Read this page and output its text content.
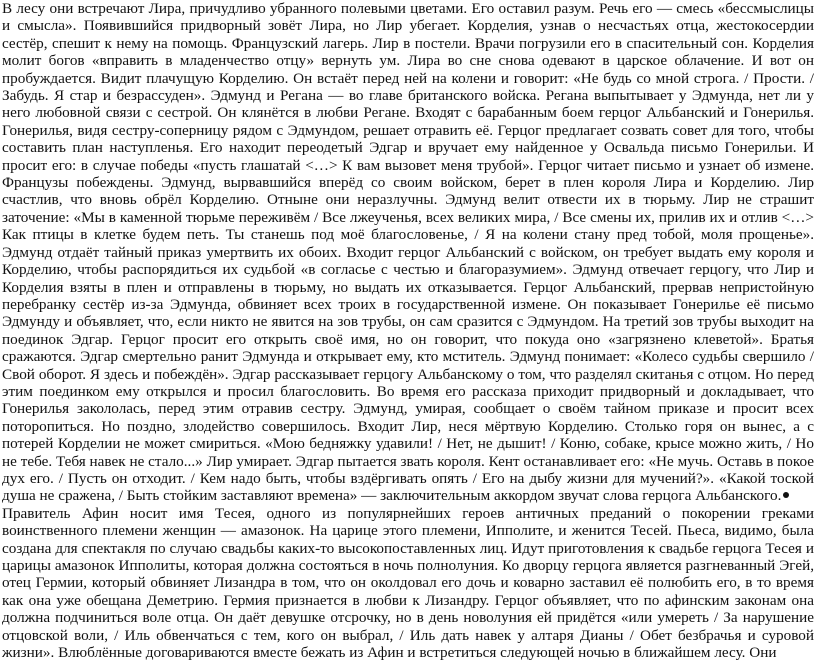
В лесу они встречают Лира, причудливо убранного полевыми цветами. Его оставил разум. Речь его — смесь «бессмыслицы и смысла». Появившийся придворный зовёт Лира, но Лир убегает. Корделия, узнав о несчастьях отца, жестокосердии сестёр, спешит к нему на помощь. Французский лагерь. Лир в постели. Врачи погрузили его в спасительный сон. Корделия молит богов «вправить в младенчество отцу» вернуть ум. Лира во сне снова одевают в царское облачение. И вот он пробуждается. Видит плачущую Корделию. Он встаёт перед ней на колени и говорит: «Не будь со мной строга. / Прости. / Забудь. Я стар и безрассуден». Эдмунд и Регана — во главе британского войска. Регана выпытывает у Эдмунда, нет ли у него любовной связи с сестрой. Он клянётся в любви Регане. Входят с барабанным боем герцог Альбанский и Гонерилья. Гонерилья, видя сестру-соперницу рядом с Эдмундом, решает отравить её. Герцог предлагает созвать совет для того, чтобы составить план наступленья. Его находит переодетый Эдгар и вручает ему найденное у Освальда письмо Гонерильи. И просит его: в случае победы «пусть глашатай <…> К вам вызовет меня трубой». Герцог читает письмо и узнает об измене. Французы побеждены. Эдмунд, вырвавшийся вперёд со своим войском, берет в плен короля Лира и Корделию. Лир счастлив, что вновь обрёл Корделию. Отныне они неразлучны. Эдмунд велит отвести их в тюрьму. Лир не страшит заточение: «Мы в каменной тюрьме переживём / Все лжеученья, всех великих мира, / Все смены их, прилив их и отлив <…> Как птицы в клетке будем петь. Ты станешь под моё благословенье, / Я на колени стану пред тобой, моля прощенье». Эдмунд отдаёт тайный приказ умертвить их обоих. Входит герцог Альбанский с войском, он требует выдать ему короля и Корделию, чтобы распорядиться их судьбой «в согласье с честью и благоразумием». Эдмунд отвечает герцогу, что Лир и Корделия взяты в плен и отправлены в тюрьму, но выдать их отказывается. Герцог Альбанский, прервав непристойную перебранку сестёр из-за Эдмунда, обвиняет всех троих в государственной измене. Он показывает Гонерилье её письмо Эдмунду и объявляет, что, если никто не явится на зов трубы, он сам сразится с Эдмундом. На третий зов трубы выходит на поединок Эдгар. Герцог просит его открыть своё имя, но он говорит, что покуда оно «загрязнено клеветой». Братья сражаются. Эдгар смертельно ранит Эдмунда и открывает ему, кто мститель. Эдмунд понимает: «Колесо судьбы свершило / Свой оборот. Я здесь и побеждён». Эдгар рассказывает герцогу Альбанскому о том, что разделял скитанья с отцом. Но перед этим поединком ему открылся и просил благословить. Во время его рассказа приходит придворный и докладывает, что Гонерилья закололась, перед этим отравив сестру. Эдмунд, умирая, сообщает о своём тайном приказе и просит всех поторопиться. Но поздно, злодейство совершилось. Входит Лир, неся мёртвую Корделию. Столько горя он вынес, а с потерей Корделии не может смириться. «Мою бедняжку удавили! / Нет, не дышит! / Коню, собаке, крысе можно жить, / Но не тебе. Тебя навек не стало...» Лир умирает. Эдгар пытается звать короля. Кент останавливает его: «Не мучь. Оставь в покое дух его. / Пусть он отходит. / Кем надо быть, чтобы вздёргивать опять / Его на дыбу жизни для мучений?». «Какой тоской душа не сражена, / Быть стойким заставляют времена» — заключительным аккордом звучат слова герцога Альбанского.

Правитель Афин носит имя Тесея, одного из популярнейших героев античных преданий о покорении греками воинственного племени женщин — амазонок. На царице этого племени, Ипполите, и женится Тесей. Пьеса, видимо, была создана для спектакля по случаю свадьбы каких-то высокопоставленных лиц. Идут приготовления к свадьбе герцога Тесея и царицы амазонок Ипполиты, которая должна состояться в ночь полнолуния. Ко дворцу герцога является разгневанный Эгей, отец Гермии, который обвиняет Лизандра в том, что он околдовал его дочь и коварно заставил её полюбить его, в то время как она уже обещана Деметрию. Гермия признается в любви к Лизандру. Герцог объявляет, что по афинским законам она должна подчиниться воле отца. Он даёт девушке отсрочку, но в день новолуния ей придётся «или умереть / За нарушение отцовской воли, / Иль обвенчаться с тем, кого он выбрал, / Иль дать навек у алтаря Дианы / Обет безбрачья и суровой жизни». Влюблённые договариваются вместе бежать из Афин и встретиться следующей ночью в ближайшем лесу. Они
